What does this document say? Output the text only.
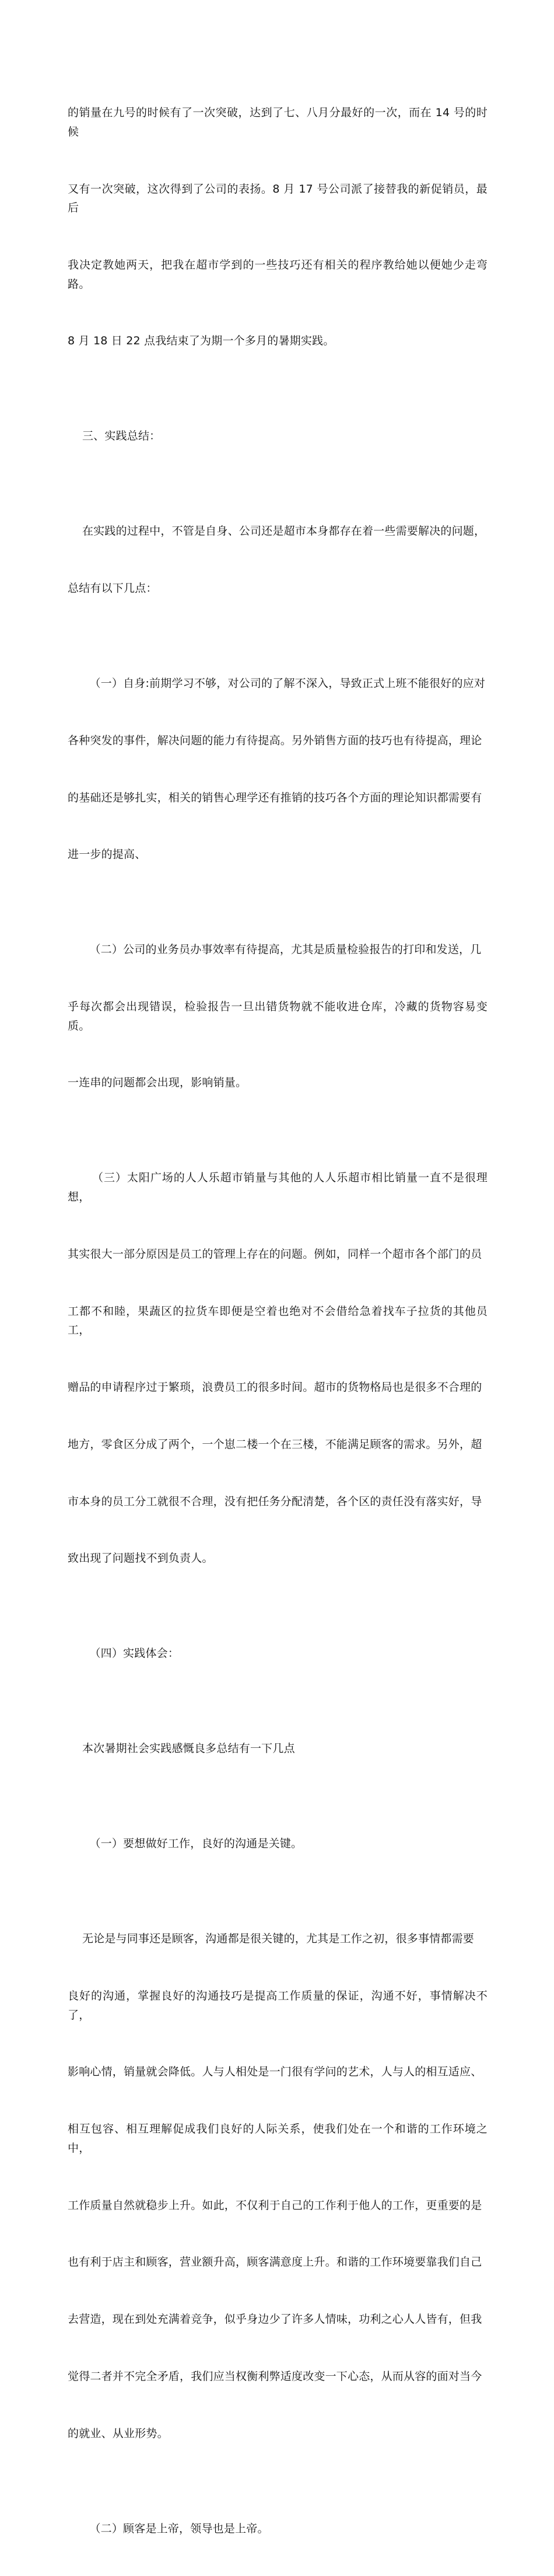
的销量在九号的时候有了一次突破，达到了七、八月分最好的一次，而在 14 号的时候

又有一次突破，这次得到了公司的表扬。8 月 17 号公司派了接替我的新促销员，最后

我决定教她两天，把我在超市学到的一些技巧还有相关的程序教给她以便她少走弯路。

8 月 18 日 22 点我结束了为期一个多月的暑期实践。

三、实践总结：

在实践的过程中，不管是自身、公司还是超市本身都存在着一些需要解决的问题，

总结有以下几点：

（一）自身:前期学习不够，对公司的了解不深入，导致正式上班不能很好的应对

各种突发的事件，解决问题的能力有待提高。另外销售方面的技巧也有待提高，理论

的基础还是够扎实，相关的销售心理学还有推销的技巧各个方面的理论知识都需要有

进一步的提高、

（二）公司的业务员办事效率有待提高，尤其是质量检验报告的打印和发送，几

乎每次都会出现错误，检验报告一旦出错货物就不能收进仓库，冷藏的货物容易变质。

一连串的问题都会出现，影响销量。

（三）太阳广场的人人乐超市销量与其他的人人乐超市相比销量一直不是很理想，

其实很大一部分原因是员工的管理上存在的问题。例如，同样一个超市各个部门的员

工都不和睦，果蔬区的拉货车即便是空着也绝对不会借给急着找车子拉货的其他员工，

赠品的申请程序过于繁琐，浪费员工的很多时间。超市的货物格局也是很多不合理的

地方，零食区分成了两个，一个崽二楼一个在三楼，不能满足顾客的需求。另外，超

市本身的员工分工就很不合理，没有把任务分配清楚，各个区的责任没有落实好，导

致出现了问题找不到负责人。

（四）实践体会：

本次暑期社会实践感慨良多总结有一下几点

（一）要想做好工作，良好的沟通是关键。

无论是与同事还是顾客，沟通都是很关键的，尤其是工作之初，很多事情都需要

良好的沟通，掌握良好的沟通技巧是提高工作质量的保证，沟通不好，事情解决不了，

影响心情，销量就会降低。人与人相处是一门很有学问的艺术，人与人的相互适应、

相互包容、相互理解促成我们良好的人际关系，使我们处在一个和谐的工作环境之中，

工作质量自然就稳步上升。如此，不仅利于自己的工作利于他人的工作，更重要的是

也有利于店主和顾客，营业额升高，顾客满意度上升。和谐的工作环境要靠我们自己

去营造，现在到处充满着竞争，似乎身边少了许多人情味，功利之心人人皆有，但我

觉得二者并不完全矛盾，我们应当权衡利弊适度改变一下心态，从而从容的面对当今

的就业、从业形势。

（二）顾客是上帝，领导也是上帝。
